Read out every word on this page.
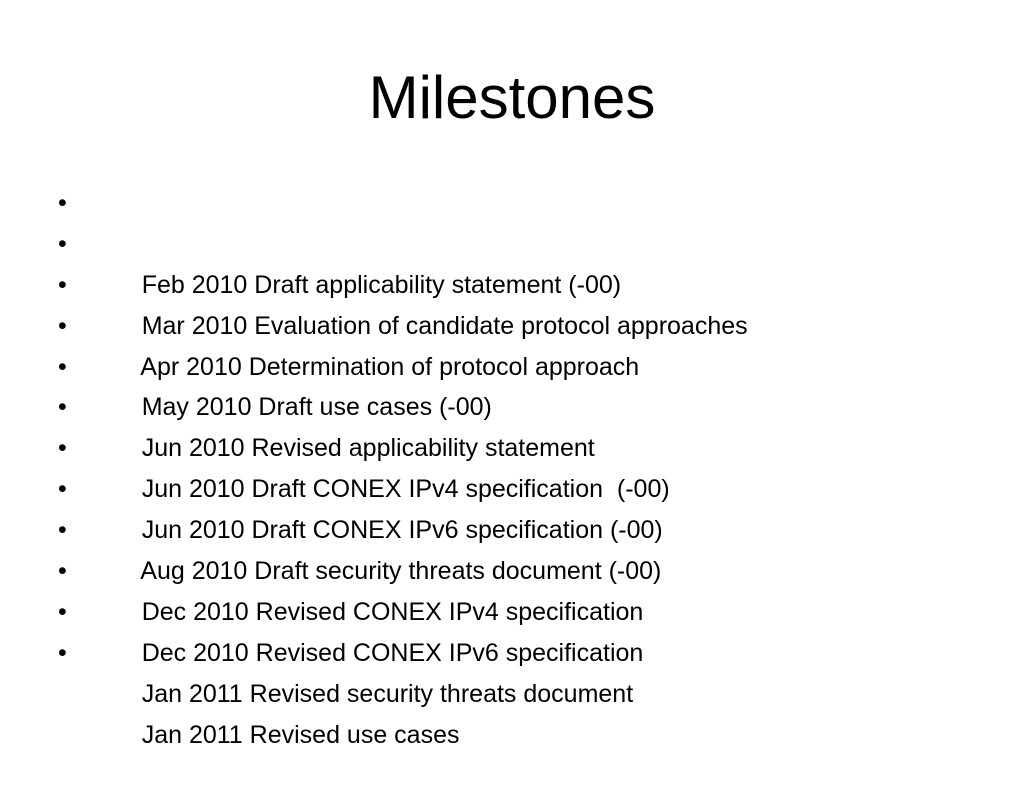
Milestones

•

Feb 2010 Draft applicability statement (-00)

•

Mar 2010 Evaluation of candidate protocol approaches

•

Apr 2010 Determination of protocol approach

•

May 2010 Draft use cases (-00)

•

Jun 2010 Revised applicability statement

•

Jun 2010 Draft CONEX IPv4 specification  (-00)

•

Jun 2010 Draft CONEX IPv6 specification (-00)

•

Aug 2010 Draft security threats document (-00)

•

Dec 2010 Revised CONEX IPv4 specification

•

Dec 2010 Revised CONEX IPv6 specification

•

Jan 2011 Revised security threats document

•

Jan 2011 Revised use cases
